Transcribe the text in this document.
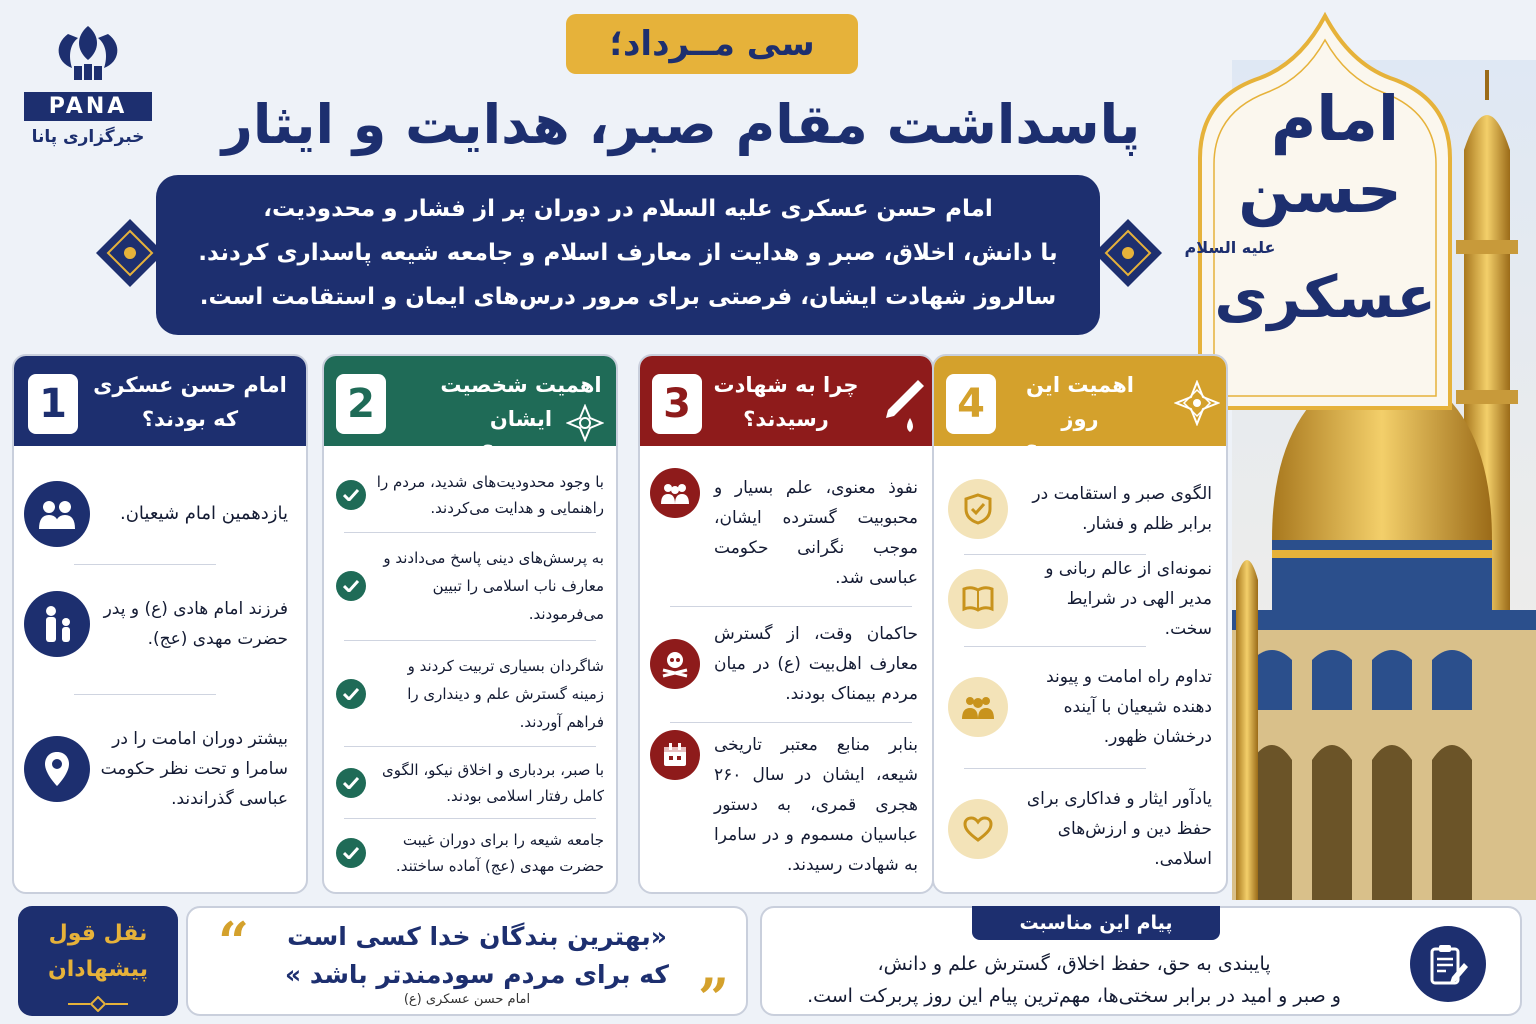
PANA
خبرگزاری پانا
سی مــرداد؛
پاسداشت مقام صبر، هدایت و ایثار
امام حسن عسکری علیه السلام در دوران پر از فشار و محدودیت،
با دانش، اخلاق، صبر و هدایت از معارف اسلام و جامعه شیعه پاسداری کردند.
سالروز شهادت ایشان، فرصتی برای مرور درس‌های ایمان و استقامت است.
امام
حسن
علیه السلام
عسکری
1	امام حسن عسکری
که بودند؟
یازدهمین امام شیعیان.
فرزند امام هادی (ع) و پدر حضرت مهدی (عج).
بیشتر دوران امامت را در سامرا و تحت نظر حکومت عباسی گذراندند.
2	اهمیت شخصیت ایشان
چیست؟
با وجود محدودیت‌های شدید، مردم را راهنمایی و هدایت می‌کردند.
به پرسش‌های دینی پاسخ می‌دادند و معارف ناب اسلامی را تبیین می‌فرمودند.
شاگردان بسیاری تربیت کردند و زمینه گسترش علم و دینداری را فراهم آوردند.
با صبر، بردباری و اخلاق نیکو، الگوی کامل رفتار اسلامی بودند.
جامعه شیعه را برای دوران غیبت حضرت مهدی (عج) آماده ساختند.
3	چرا به شهادت
رسیدند؟
نفوذ معنوی، علم بسیار و محبوبیت گسترده ایشان، موجب نگرانی حکومت عباسی شد.
حاکمان وقت، از گسترش معارف اهل‌بیت (ع) در میان مردم بیمناک بودند.
بنابر منابع معتبر تاریخی شیعه، ایشان در سال ۲۶۰ هجری قمری، به دستور عباسیان مسموم و در سامرا به شهادت رسیدند.
4	اهمیت این روز
در چیست؟
الگوی صبر و استقامت در برابر ظلم و فشار.
نمونه‌ای از عالم ربانی و مدیر الهی در شرایط سخت.
تداوم راه امامت و پیوند دهنده شیعیان با آینده درخشان ظهور.
یادآور ایثار و فداکاری برای حفظ دین و ارزش‌های اسلامی.
نقل قول
پیشهادان	“	«بهترین بندگان خدا کسی است
که برای مردم سودمندتر باشد »
امام حسن عسکری (ع)	”
پیام این مناسبت
پایبندی به حق، حفظ اخلاق، گسترش علم و دانش،
و صبر و امید در برابر سختی‌ها، مهم‌ترین پیام این روز پربرکت است.
